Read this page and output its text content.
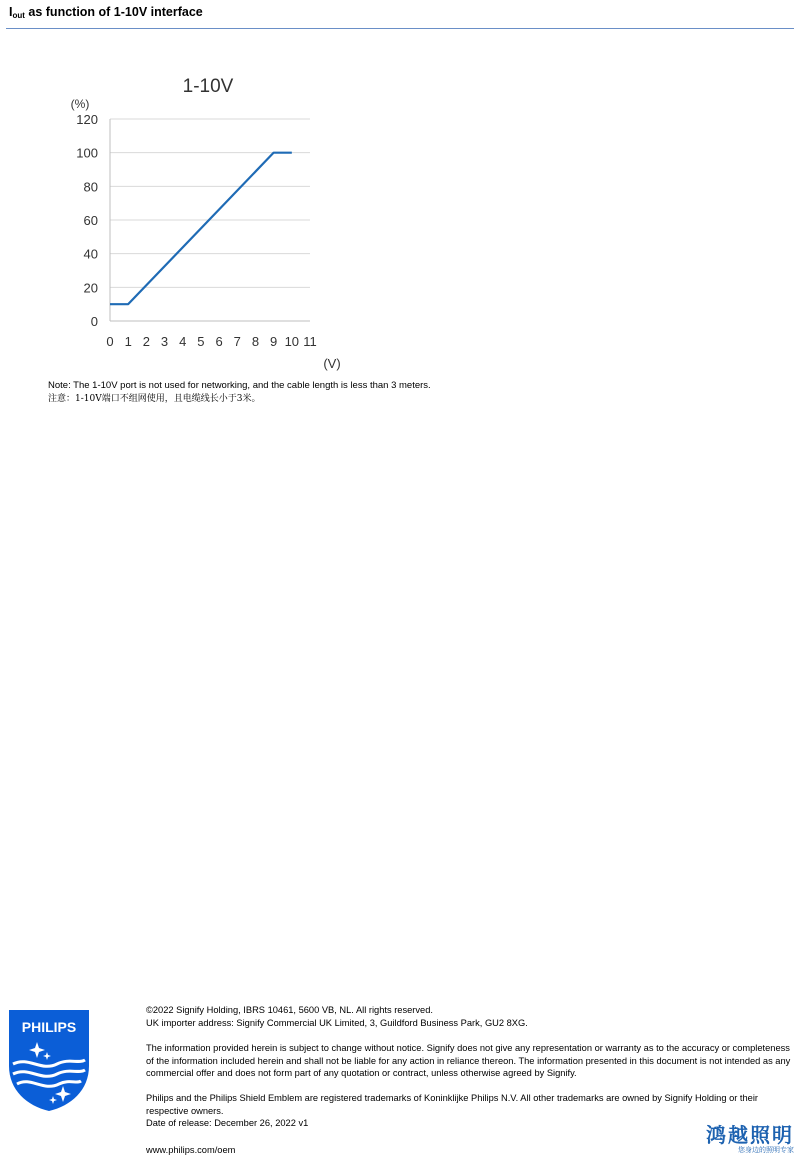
$I_{out}$ as function of 1-10V interface
0
20
40
60
80
100
120
0 1 2 3 4 5 6 7 8 9 10 11
1-10V
(%)
(V)
Note: The 1-10V port is not used for networking, and the cable length is less than 3 meters.
注意：1-10V端口不组网使用，且电缆线长小于3米。
PHILIPS
©2022 Signify Holding, IBRS 10461, 5600 VB, NL. All rights reserved.
UK importer address: Signify Commercial UK Limited, 3, Guildford Business Park, GU2 8XG.
The information provided herein is subject to change without notice. Signify does not give any representation or warranty as to the accuracy or completeness of the information included herein and shall not be liable for any action in reliance thereon. The information presented in this document is not intended as any commercial offer and does not form part of any quotation or contract, unless otherwise agreed by Signify.
Philips and the Philips Shield Emblem are registered trademarks of Koninklijke Philips N.V. All other trademarks are owned by Signify Holding or their respective owners.
Date of release: December 26, 2022 v1
www.philips.com/oem
鸿越照明
您身边的照明专家
